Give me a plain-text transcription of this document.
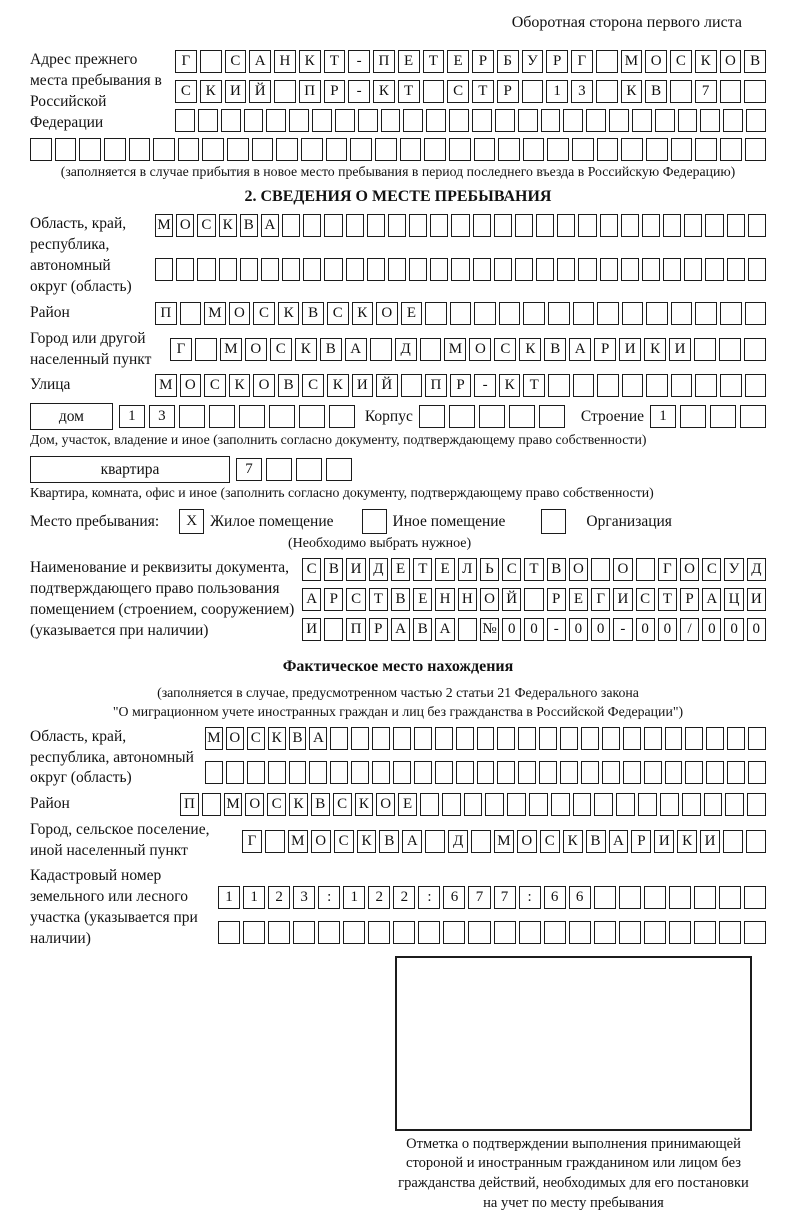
Оборотная сторона первого листа
Адрес прежнего места пребывания в Российской Федерации
Г	С А Н К	Т	-	П Е	Т	Е	Р	Б	У	Р	Г	М О С К О В
С К И Й	П	Р	-	К	Т	С	Т	Р	1	3	К В	7
(заполняется в случае прибытия в новое место пребывания в период последнего въезда в Российскую Федерацию)
2. СВЕДЕНИЯ О МЕСТЕ ПРЕБЫВАНИЯ
Область, край, республика, автономный округ (область)
М О С К В А
Район	П	М О С К В С К О Е
Город или другой населенный пункт
Г	М О С К В А	Д	М О С К В А	Р	И К И
Улица	М О С К О В С К И Й	П Р	-	К Т
дом	1	3	Корпус	Строение	1
Дом, участок, владение и иное (заполнить согласно документу, подтверждающему право собственности)
квартира	7
Квартира, комната, офис и иное (заполнить согласно документу, подтверждающему право собственности)
Место пребывания:	X Жилое помещение	Иное помещение	Организация
(Необходимо выбрать нужное)
Наименование и реквизиты документа, подтверждающего право пользования помещением (строением, сооружением) (указывается при наличии)
С В И Д Е Т Е Л Ь С Т В О О	Г О С У Д
А Р С Т В Е Н Н О Й	Р Е Г И С Т Р А Ц И
И П Р А В А № 0 0	-	0 0	-	0 0	/	0 0 0
Фактическое место нахождения
(заполняется в случае, предусмотренном частью 2 статьи 21 Федерального закона
"О миграционном учете иностранных граждан и лиц без гражданства в Российской Федерации")
Область, край, республика, автономный округ (область)
М О С К В А
Район	П М О С К В С К О Е
Город, сельское поселение, иной населенный пункт
Г	М О С К В А	Д	М О С К В А Р И К И
Кадастровый номер земельного или лесного участка (указывается при наличии)
1	1	2	3	:	1	2	2	:	6	7	7	:	6	6
Отметка о подтверждении выполнения принимающей стороной и иностранным гражданином или лицом без гражданства действий, необходимых для его постановки на учет по месту пребывания
